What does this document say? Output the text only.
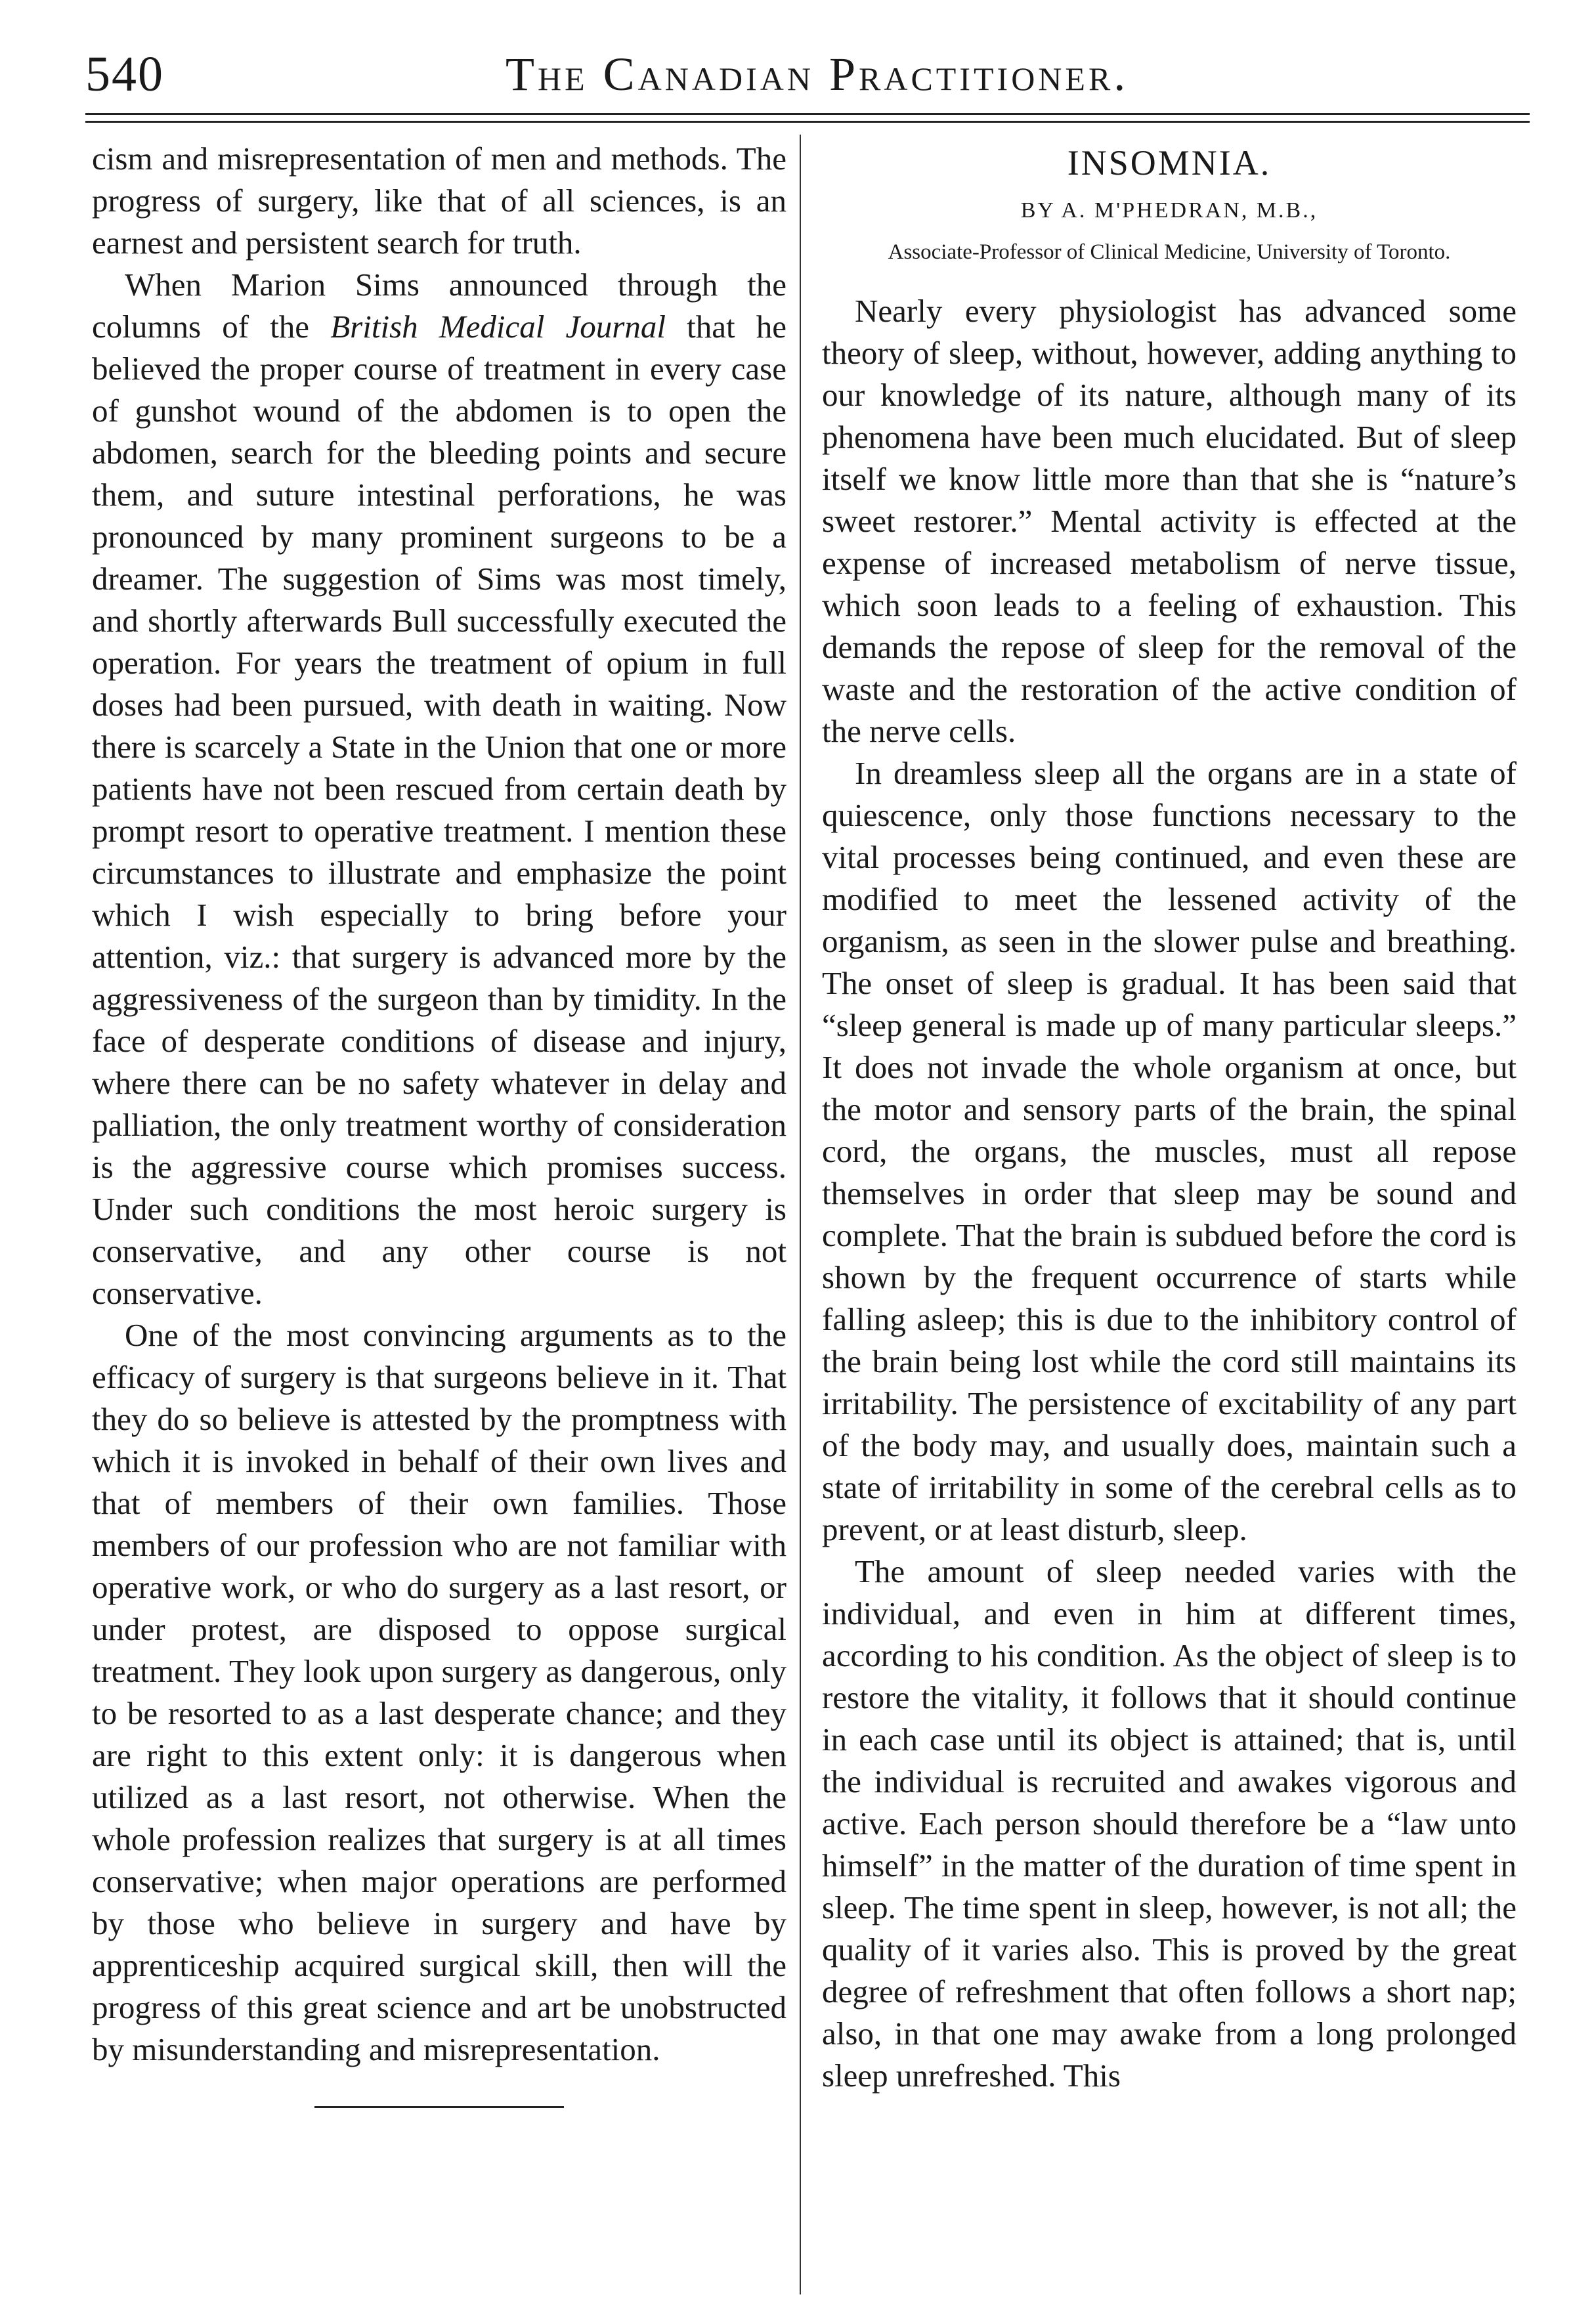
540	The Canadian Practitioner.

cism and misrepresentation of men and methods. The progress of surgery, like that of all sciences, is an earnest and persistent search for truth.

When Marion Sims announced through the columns of the British Medical Journal that he believed the proper course of treatment in every case of gunshot wound of the abdomen is to open the abdomen, search for the bleeding points and secure them, and suture intestinal perforations, he was pronounced by many prominent surgeons to be a dreamer. The suggestion of Sims was most timely, and shortly afterwards Bull successfully executed the operation. For years the treatment of opium in full doses had been pursued, with death in waiting. Now there is scarcely a State in the Union that one or more patients have not been rescued from certain death by prompt resort to operative treatment. I mention these circumstances to illustrate and emphasize the point which I wish especially to bring before your attention, viz.: that surgery is advanced more by the aggressiveness of the surgeon than by timidity. In the face of desperate conditions of disease and injury, where there can be no safety whatever in delay and palliation, the only treatment worthy of consideration is the aggressive course which promises success. Under such conditions the most heroic surgery is conservative, and any other course is not conservative.

One of the most convincing arguments as to the efficacy of surgery is that surgeons believe in it. That they do so believe is attested by the promptness with which it is invoked in behalf of their own lives and that of members of their own families. Those members of our profession who are not familiar with operative work, or who do surgery as a last resort, or under protest, are disposed to oppose surgical treatment. They look upon surgery as dangerous, only to be resorted to as a last desperate chance; and they are right to this extent only: it is dangerous when utilized as a last resort, not otherwise. When the whole profession realizes that surgery is at all times conservative; when major operations are performed by those who believe in surgery and have by apprenticeship acquired surgical skill, then will the progress of this great science and art be unobstructed by misunderstanding and misrepresentation.

INSOMNIA.
BY A. M'PHEDRAN, M.B.,
Associate-Professor of Clinical Medicine, University of Toronto.

Nearly every physiologist has advanced some theory of sleep, without, however, adding anything to our knowledge of its nature, although many of its phenomena have been much elucidated. But of sleep itself we know little more than that she is “nature’s sweet restorer.” Mental activity is effected at the expense of increased metabolism of nerve tissue, which soon leads to a feeling of exhaustion. This demands the repose of sleep for the removal of the waste and the restoration of the active condition of the nerve cells.

In dreamless sleep all the organs are in a state of quiescence, only those functions necessary to the vital processes being continued, and even these are modified to meet the lessened activity of the organism, as seen in the slower pulse and breathing. The onset of sleep is gradual. It has been said that “sleep general is made up of many particular sleeps.” It does not invade the whole organism at once, but the motor and sensory parts of the brain, the spinal cord, the organs, the muscles, must all repose themselves in order that sleep may be sound and complete. That the brain is subdued before the cord is shown by the frequent occurrence of starts while falling asleep; this is due to the inhibitory control of the brain being lost while the cord still maintains its irritability. The persistence of excitability of any part of the body may, and usually does, maintain such a state of irritability in some of the cerebral cells as to prevent, or at least disturb, sleep.

The amount of sleep needed varies with the individual, and even in him at different times, according to his condition. As the object of sleep is to restore the vitality, it follows that it should continue in each case until its object is attained; that is, until the individual is recruited and awakes vigorous and active. Each person should therefore be a “law unto himself” in the matter of the duration of time spent in sleep. The time spent in sleep, however, is not all; the quality of it varies also. This is proved by the great degree of refreshment that often follows a short nap; also, in that one may awake from a long prolonged sleep unrefreshed. This
